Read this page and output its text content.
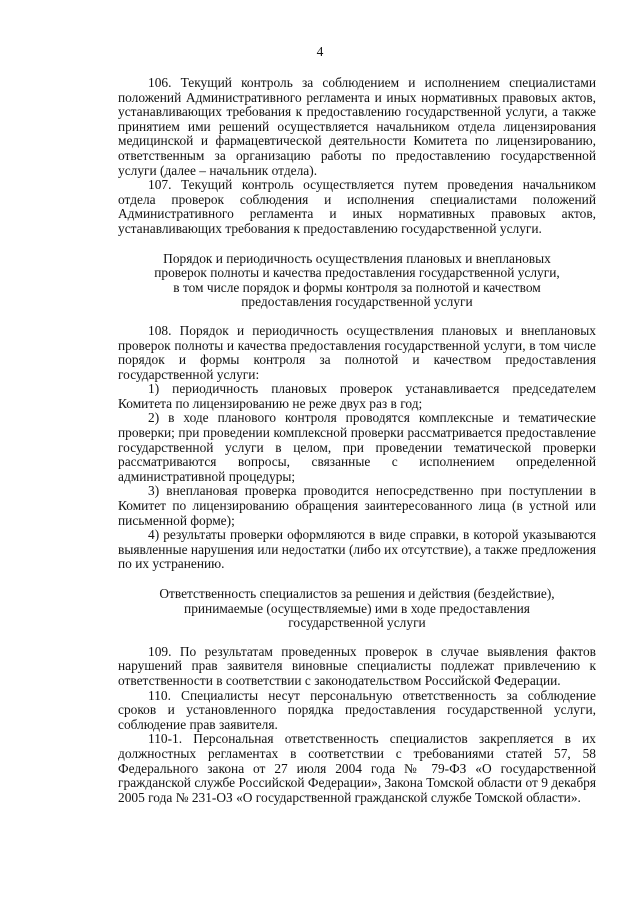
4

106. Текущий контроль за соблюдением и исполнением специалистами положений Административного регламента и иных нормативных правовых актов, устанавливающих требования к предоставлению государственной услуги, а также принятием ими решений осуществляется начальником отдела лицензирования медицинской и фармацевтической деятельности Комитета по лицензированию, ответственным за организацию работы по предоставлению государственной услуги (далее – начальник отдела).

107. Текущий контроль осуществляется путем проведения начальником отдела проверок соблюдения и исполнения специалистами положений Административного регламента и иных нормативных правовых актов, устанавливающих требования к предоставлению государственной услуги.

Порядок и периодичность осуществления плановых и внеплановых
проверок полноты и качества предоставления государственной услуги,
в том числе порядок и формы контроля за полнотой и качеством
предоставления государственной услуги

108. Порядок и периодичность осуществления плановых и внеплановых проверок полноты и качества предоставления государственной услуги, в том числе порядок и формы контроля за полнотой и качеством предоставления государственной услуги:

1) периодичность плановых проверок устанавливается председателем Комитета по лицензированию не реже двух раз в год;

2) в ходе планового контроля проводятся комплексные и тематические проверки; при проведении комплексной проверки рассматривается предоставление государственной услуги в целом, при проведении тематической проверки рассматриваются вопросы, связанные с исполнением определенной административной процедуры;

3) внеплановая проверка проводится непосредственно при поступлении в Комитет по лицензированию обращения заинтересованного лица (в устной или письменной форме);

4) результаты проверки оформляются в виде справки, в которой указываются выявленные нарушения или недостатки (либо их отсутствие), а также предложения по их устранению.

Ответственность специалистов за решения и действия (бездействие),
принимаемые (осуществляемые) ими в ходе предоставления
государственной услуги

109. По результатам проведенных проверок в случае выявления фактов нарушений прав заявителя виновные специалисты подлежат привлечению к ответственности в соответствии с законодательством Российской Федерации.

110. Специалисты несут персональную ответственность за соблюдение сроков и установленного порядка предоставления государственной услуги, соблюдение прав заявителя.

110-1. Персональная ответственность специалистов закрепляется в их должностных регламентах в соответствии с требованиями статей 57, 58 Федерального закона от 27 июля 2004 года № 79-ФЗ «О государственной гражданской службе Российской Федерации», Закона Томской области от 9 декабря 2005 года № 231-ОЗ «О государственной гражданской службе Томской области».
